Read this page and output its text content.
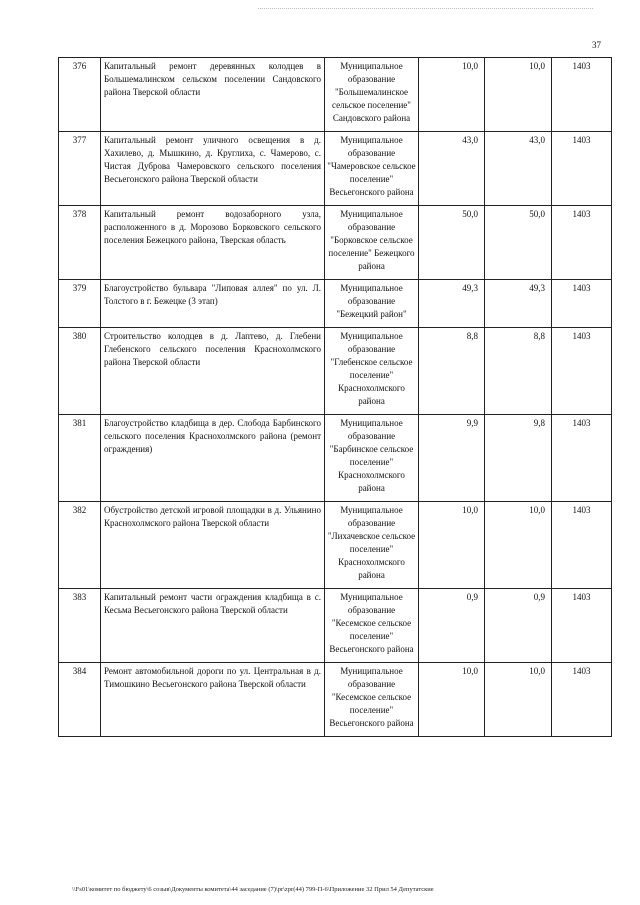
37
376	Капитальный ремонт деревянных колодцев в Большемалинском сельском поселении Сандовского района Тверской области	Муниципальное образование "Большемалинское сельское поселение" Сандовского района	10,0	10,0	1403
377	Капитальный ремонт уличного освещения в д. Хахилево, д. Мышкино, д. Круглиха, с. Чамерово, с. Чистая Дуброва Чамеровского сельского поселения Весьегонского района Тверской области	Муниципальное образование "Чамеровское сельское поселение" Весьегонского района	43,0	43,0	1403
378	Капитальный ремонт водозаборного узла, расположенного в д. Морозово Борковского сельского поселения Бежецкого района, Тверская область	Муниципальное образование "Борковское сельское поселение" Бежецкого района	50,0	50,0	1403
379	Благоустройство бульвара "Липовая аллея" по ул. Л. Толстого в г. Бежецке (3 этап)	Муниципальное образование "Бежецкий район"	49,3	49,3	1403
380	Строительство колодцев в д. Лаптево, д. Глебени Глебенского сельского поселения Краснохолмского района Тверской области	Муниципальное образование "Глебенское сельское поселение" Краснохолмского района	8,8	8,8	1403
381	Благоустройство кладбища в дер. Слобода Барбинского сельского поселения Краснохолмского района (ремонт ограждения)	Муниципальное образование "Барбинское сельское поселение" Краснохолмского района	9,9	9,8	1403
382	Обустройство детской игровой площадки в д. Ульянино Краснохолмского района Тверской области	Муниципальное образование "Лихачевское сельское поселение" Краснохолмского района	10,0	10,0	1403
383	Капитальный ремонт части ограждения кладбища в с. Кесьма Весьегонского района Тверской области	Муниципальное образование "Кесемское сельское поселение" Весьегонского района	0,9	0,9	1403
384	Ремонт автомобильной дороги по ул. Центральная в д. Тимошкино Весьегонского района Тверской области	Муниципальное образование "Кесемское сельское поселение" Весьегонского района	10,0	10,0	1403
\\Fs01\комитет по бюджету\6 созыв\Документы комитета\44 заседание (7)\pr\zpr(44) 799-П-6\Приложение 32 Прил 54 Депутатские
